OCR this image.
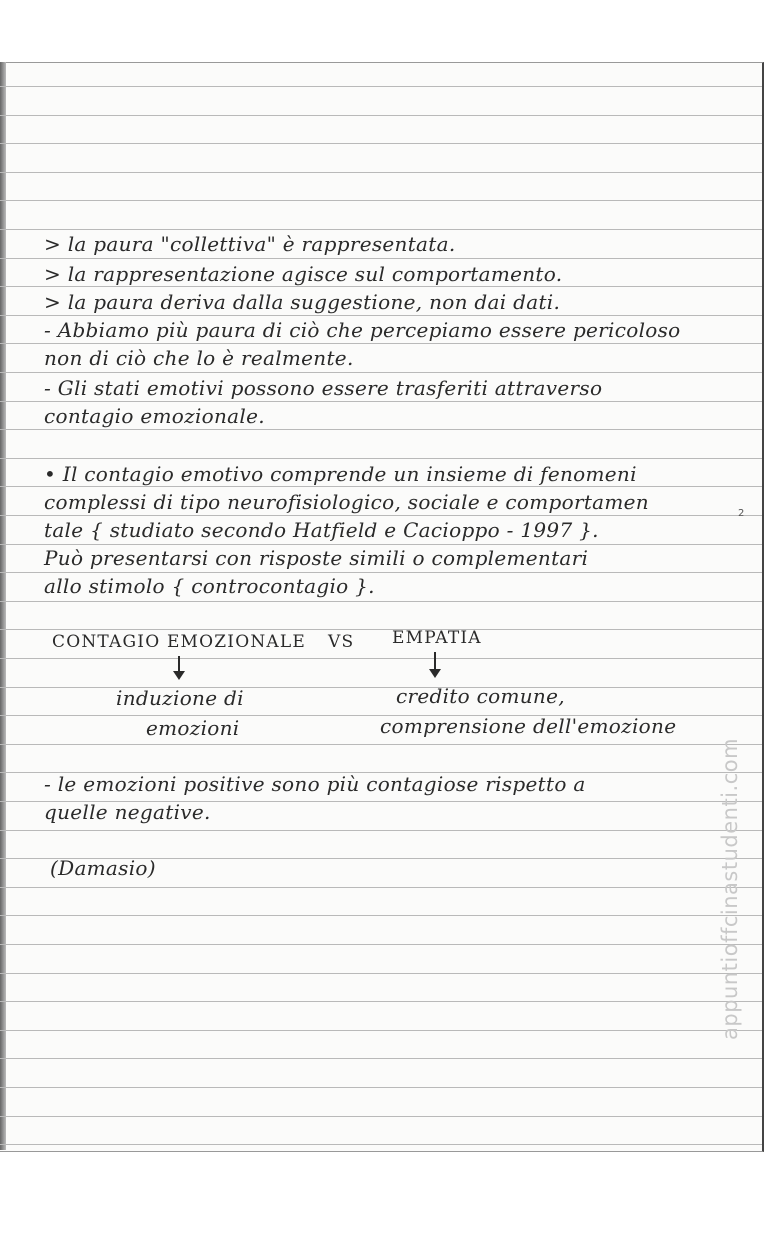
> la paura "collettiva" è rappresentata.
> la rappresentazione agisce sul comportamento.
> la paura deriva dalla suggestione, non dai dati.
- Abbiamo più paura di ciò che percepiamo essere pericoloso
non di ciò che lo è realmente.
- Gli stati emotivi possono essere trasferiti attraverso
contagio emozionale.
• Il contagio emotivo comprende un insieme di fenomeni
complessi di tipo neurofisiologico, sociale e comportamen
tale { studiato secondo Hatfield e Cacioppo - 1997 }.
Può presentarsi con risposte simili o complementari
allo stimolo { controcontagio }.
2
CONTAGIO EMOZIONALE VS EMPATIA
induzione di
emozioni
credito comune,
comprensione dell'emozione
- le emozioni positive sono più contagiose rispetto a
quelle negative.
(Damasio)	appuntioffcinastudenti.com
